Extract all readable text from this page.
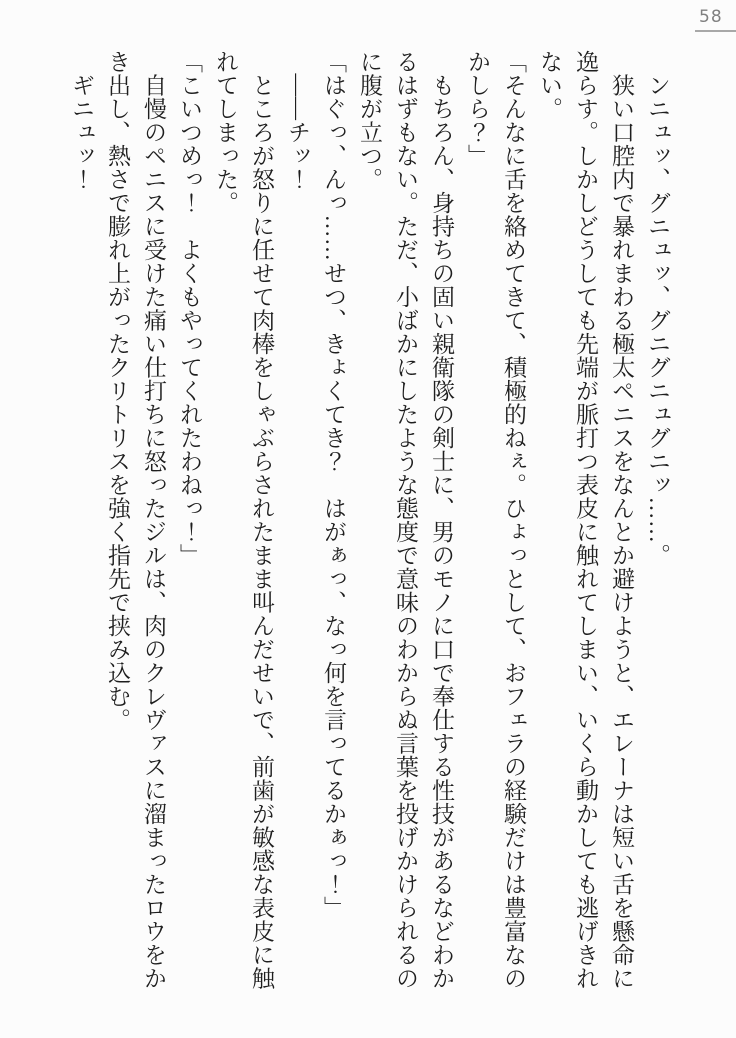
58
　ンニュッ、グニュッ、グニグニュグニッ……。
　狭い口腔内で暴れまわる極太ペニスをなんとか避けようと、エレーナは短い舌を懸命に
逸らす。しかしどうしても先端が脈打つ表皮に触れてしまい、いくら動かしても逃げきれ
ない。
「そんなに舌を絡めてきて、積極的ねぇ。ひょっとして、おフェラの経験だけは豊富なの
かしら？」
　もちろん、身持ちの固い親衛隊の剣士に、男のモノに口で奉仕する性技があるなどわか
るはずもない。ただ、小ばかにしたような態度で意味のわからぬ言葉を投げかけられるの
に腹が立つ。
「はぐっ、んっ……せつ、きょくてき？　はがぁっ、なっ何を言ってるかぁっ！」
　――チッ！
　ところが怒りに任せて肉棒をしゃぶらされたまま叫んだせいで、前歯が敏感な表皮に触
れてしまった。
「こいつめっ！　よくもやってくれたわねっ！」
　自慢のペニスに受けた痛い仕打ちに怒ったジルは、肉のクレヴァスに溜まったロウをか
き出し、熱さで膨れ上がったクリトリスを強く指先で挟み込む。
　ギニュッ！
